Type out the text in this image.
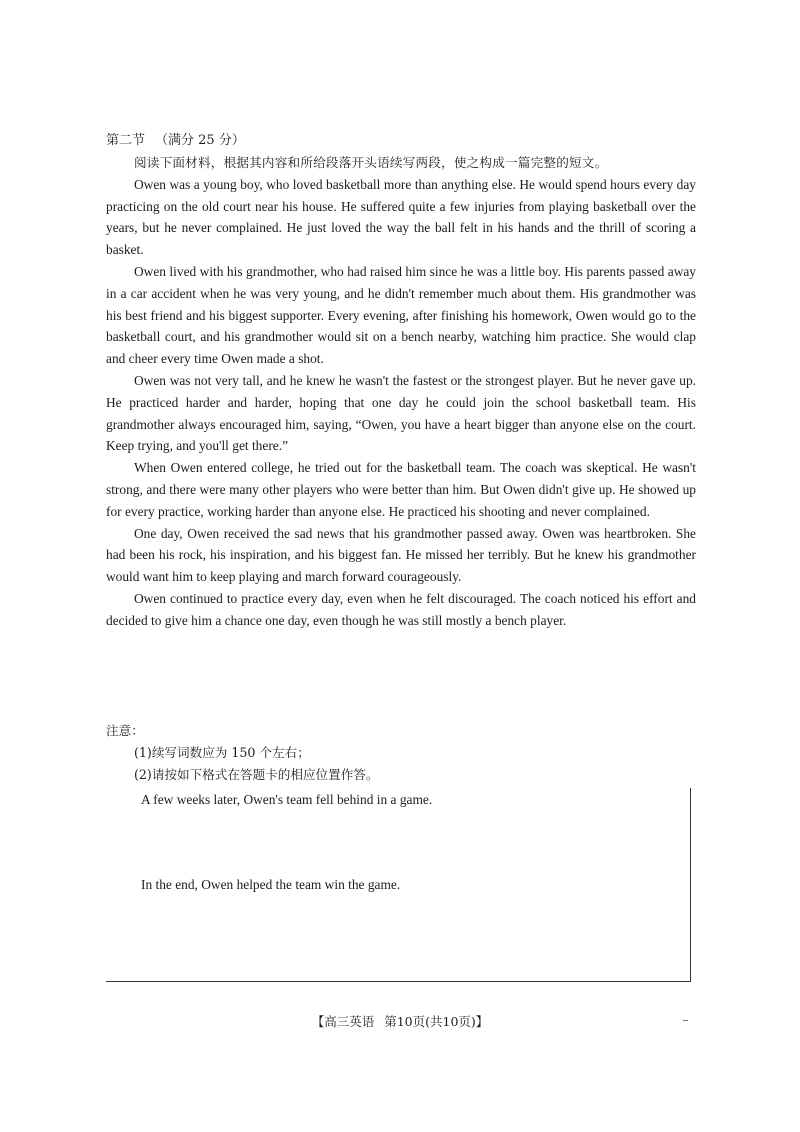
第二节 （满分 25 分）

阅读下面材料，根据其内容和所给段落开头语续写两段，使之构成一篇完整的短文。

Owen was a young boy, who loved basketball more than anything else. He would spend hours every day practicing on the old court near his house. He suffered quite a few injuries from playing basketball over the years, but he never complained. He just loved the way the ball felt in his hands and the thrill of scoring a basket.

Owen lived with his grandmother, who had raised him since he was a little boy. His parents passed away in a car accident when he was very young, and he didn't remember much about them. His grandmother was his best friend and his biggest supporter. Every evening, after finishing his homework, Owen would go to the basketball court, and his grandmother would sit on a bench nearby, watching him practice. She would clap and cheer every time Owen made a shot.

Owen was not very tall, and he knew he wasn't the fastest or the strongest player. But he never gave up. He practiced harder and harder, hoping that one day he could join the school basketball team. His grandmother always encouraged him, saying, “Owen, you have a heart bigger than anyone else on the court. Keep trying, and you'll get there.”

When Owen entered college, he tried out for the basketball team. The coach was skeptical. He wasn't strong, and there were many other players who were better than him. But Owen didn't give up. He showed up for every practice, working harder than anyone else. He practiced his shooting and never complained.

One day, Owen received the sad news that his grandmother passed away. Owen was heartbroken. She had been his rock, his inspiration, and his biggest fan. He missed her terribly. But he knew his grandmother would want him to keep playing and march forward courageously.

Owen continued to practice every day, even when he felt discouraged. The coach noticed his effort and decided to give him a chance one day, even though he was still mostly a bench player.

注意：
(1)续写词数应为 150 个左右；
(2)请按如下格式在答题卡的相应位置作答。
A few weeks later, Owen's team fell behind in a game.
In the end, Owen helped the team win the game.
【高三英语 第10页(共10页)】
